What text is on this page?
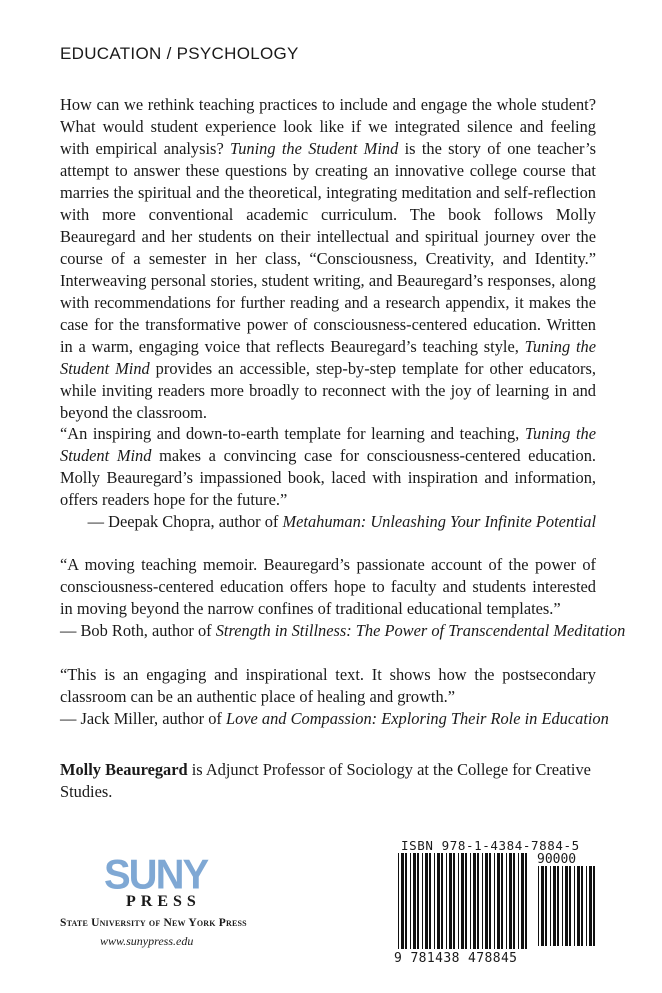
EDUCATION / PSYCHOLOGY

How can we rethink teaching practices to include and engage the whole student? What would student experience look like if we integrated silence and feeling with empirical analysis? Tuning the Student Mind is the story of one teacher’s attempt to answer these questions by creating an innovative college course that marries the spiritual and the theoretical, integrating meditation and self-reflection with more conventional academic curriculum. The book follows Molly Beauregard and her students on their intellectual and spiritual journey over the course of a semester in her class, “Consciousness, Creativity, and Identity.” Interweaving personal stories, student writing, and Beauregard’s responses, along with recommendations for further reading and a research appendix, it makes the case for the transformative power of consciousness-centered education. Written in a warm, engaging voice that reflects Beauregard’s teaching style, Tuning the Student Mind provides an accessible, step-by-step template for other educators, while inviting readers more broadly to reconnect with the joy of learning in and beyond the classroom.

“An inspiring and down-to-earth template for learning and teaching, Tuning the Student Mind makes a convincing case for consciousness-centered education. Molly Beauregard’s impassioned book, laced with inspiration and information, offers readers hope for the future.”

— Deepak Chopra, author of Metahuman: Unleashing Your Infinite Potential

“A moving teaching memoir. Beauregard’s passionate account of the power of consciousness-centered education offers hope to faculty and students interested in moving beyond the narrow confines of traditional educational templates.”

— Bob Roth, author of Strength in Stillness: The Power of Transcendental Meditation

“This is an engaging and inspirational text. It shows how the postsecondary classroom can be an authentic place of healing and growth.”

— Jack Miller, author of Love and Compassion: Exploring Their Role in Education

Molly Beauregard is Adjunct Professor of Sociology at the College for Creative Studies.

SUNY
PRESS
State University of New York Press
www.sunypress.edu
ISBN 978-1-4384-7884-5
90000
9 781438 478845
